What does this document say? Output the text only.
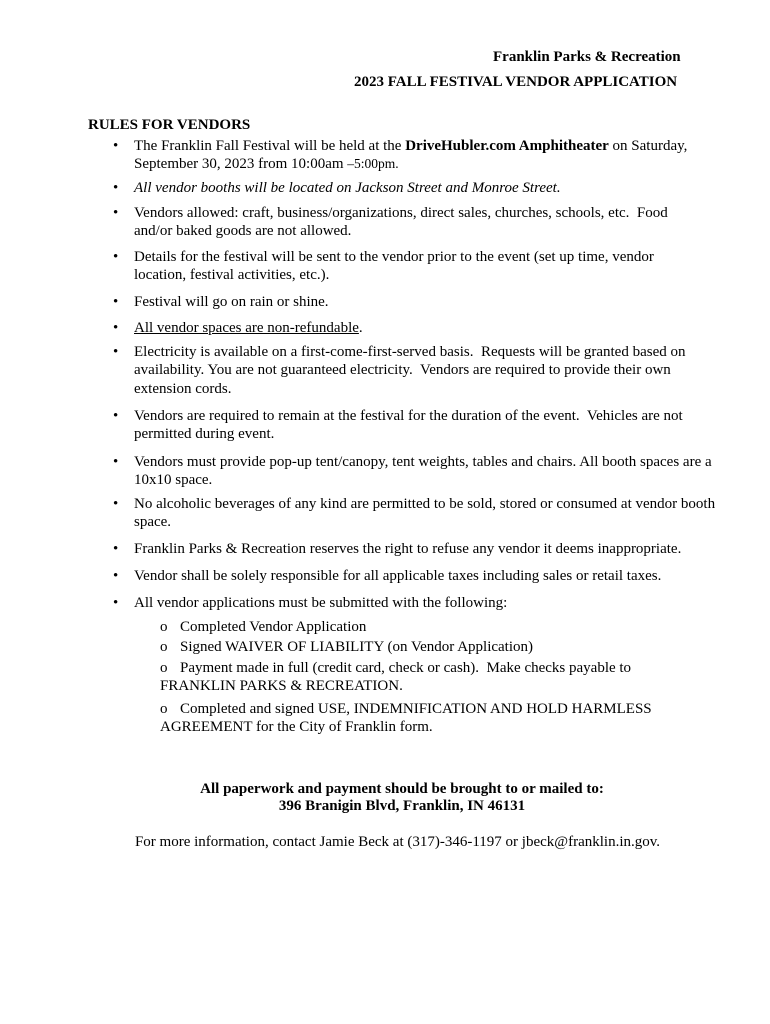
Franklin Parks & Recreation
2023 FALL FESTIVAL VENDOR APPLICATION
RULES FOR VENDORS
• The Franklin Fall Festival will be held at the DriveHubler.com Amphitheater on Saturday,
September 30, 2023 from 10:00am –5:00pm.
• All vendor booths will be located on Jackson Street and Monroe Street.
• Vendors allowed: craft, business/organizations, direct sales, churches, schools, etc.  Food
and/or baked goods are not allowed.
• Details for the festival will be sent to the vendor prior to the event (set up time, vendor
location, festival activities, etc.).
• Festival will go on rain or shine.
• All vendor spaces are non-refundable.
• Electricity is available on a first-come-first-served basis.  Requests will be granted based on
availability. You are not guaranteed electricity.  Vendors are required to provide their own
extension cords.
• Vendors are required to remain at the festival for the duration of the event.  Vehicles are not
permitted during event.
• Vendors must provide pop-up tent/canopy, tent weights, tables and chairs. All booth spaces are a
10x10 space.
• No alcoholic beverages of any kind are permitted to be sold, stored or consumed at vendor booth
space.
• Franklin Parks & Recreation reserves the right to refuse any vendor it deems inappropriate.
• Vendor shall be solely responsible for all applicable taxes including sales or retail taxes.
• All vendor applications must be submitted with the following:
o Completed Vendor Application
o Signed WAIVER OF LIABILITY (on Vendor Application)
o Payment made in full (credit card, check or cash).  Make checks payable to
FRANKLIN PARKS & RECREATION.
o Completed and signed USE, INDEMNIFICATION AND HOLD HARMLESS
AGREEMENT for the City of Franklin form.
All paperwork and payment should be brought to or mailed to:
396 Branigin Blvd, Franklin, IN 46131
For more information, contact Jamie Beck at (317)-346-1197 or jbeck@franklin.in.gov.
